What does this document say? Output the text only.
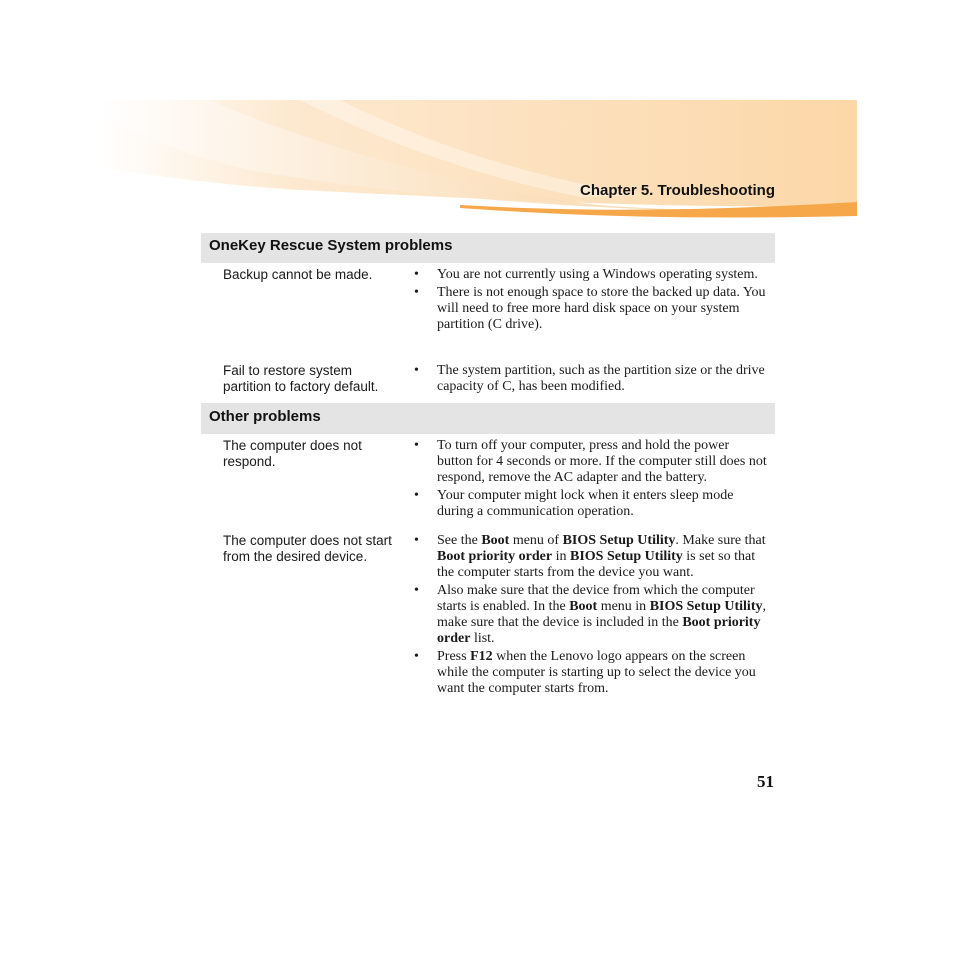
Chapter 5. Troubleshooting
OneKey Rescue System problems

Backup cannot be made.

•	You are not currently using a Windows operating system.
• There is not enough space to store the backed up data. You will need to free more hard disk space on your system partition (C drive).

Fail to restore system partition to factory default.

• The system partition, such as the partition size or the drive capacity of C, has been modified.
Other problems

The computer does not respond.

• To turn off your computer, press and hold the power button for 4 seconds or more. If the computer still does not respond, remove the AC adapter and the battery.
• Your computer might lock when it enters sleep mode during a communication operation.

The computer does not start from the desired device.

• See the Boot menu of BIOS Setup Utility. Make sure that Boot priority order in BIOS Setup Utility is set so that the computer starts from the device you want.
• Also make sure that the device from which the computer starts is enabled. In the Boot menu in BIOS Setup Utility, make sure that the device is included in the Boot priority order list.
• Press F12 when the Lenovo logo appears on the screen while the computer is starting up to select the device you want the computer starts from.

51
